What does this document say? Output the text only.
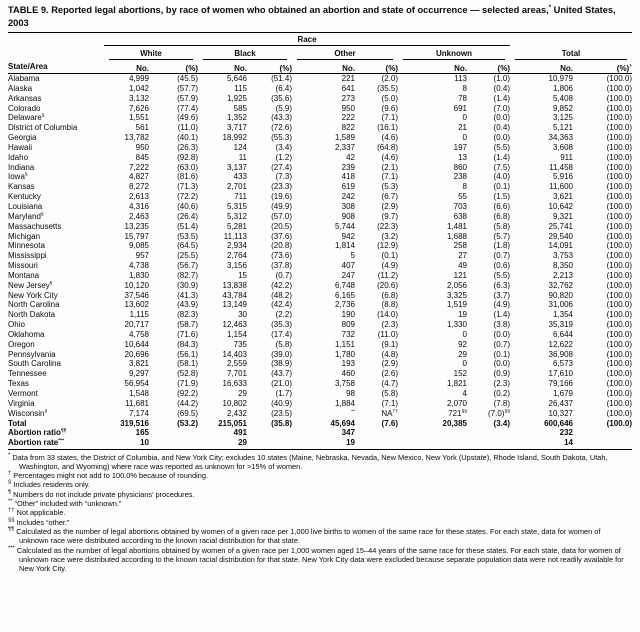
TABLE 9. Reported legal abortions, by race of women who obtained an abortion and state of occurrence — selected areas,* United States, 2003

	Race									

	White		Black		Other		Unknown		Total	

State/Area	No.	(%)	No.	(%)	No.	(%)	No.	(%)	No.	(%)†
Alabama	4,999	(45.5)	5,646	(51.4)	221	(2.0)	113	(1.0)	10,979	(100.0)
Alaska	1,042	(57.7)	115	(6.4)	641	(35.5)	8	(0.4)	1,806	(100.0)
Arkansas	3,132	(57.9)	1,925	(35.6)	273	(5.0)	78	(1.4)	5,408	(100.0)
Colorado	7,626	(77.4)	585	(5.9)	950	(9.6)	691	(7.0)	9,852	(100.0)
Delaware§	1,551	(49.6)	1,352	(43.3)	222	(7.1)	0	(0.0)	3,125	(100.0)
District of Columbia	561	(11.0)	3,717	(72.6)	822	(16.1)	21	(0.4)	5,121	(100.0)
Georgia	13,782	(40.1)	18,992	(55.3)	1,589	(4.6)	0	(0.0)	34,363	(100.0)
Hawaii	950	(26.3)	124	(3.4)	2,337	(64.8)	197	(5.5)	3,608	(100.0)
Idaho	845	(92.8)	11	(1.2)	42	(4.6)	13	(1.4)	911	(100.0)
Indiana	7,222	(63.0)	3,137	(27.4)	239	(2.1)	860	(7.5)	11,458	(100.0)
Iowa§	4,827	(81.6)	433	(7.3)	418	(7.1)	238	(4.0)	5,916	(100.0)
Kansas	8,272	(71.3)	2,701	(23.3)	619	(5.3)	8	(0.1)	11,600	(100.0)
Kentucky	2,613	(72.2)	711	(19.6)	242	(6.7)	55	(1.5)	3,621	(100.0)
Louisiana	4,316	(40.6)	5,315	(49.9)	308	(2.9)	703	(6.6)	10,642	(100.0)
Maryland§	2,463	(26.4)	5,312	(57.0)	908	(9.7)	638	(6.8)	9,321	(100.0)
Massachusetts	13,235	(51.4)	5,281	(20.5)	5,744	(22.3)	1,481	(5.8)	25,741	(100.0)
Michigan	15,797	(53.5)	11,113	(37.6)	942	(3.2)	1,688	(5.7)	29,540	(100.0)
Minnesota	9,085	(64.5)	2,934	(20.8)	1,814	(12.9)	258	(1.8)	14,091	(100.0)
Mississippi	957	(25.5)	2,764	(73.6)	5	(0.1)	27	(0.7)	3,753	(100.0)
Missouri	4,738	(56.7)	3,156	(37.8)	407	(4.9)	49	(0.6)	8,350	(100.0)
Montana	1,830	(82.7)	15	(0.7)	247	(11.2)	121	(5.5)	2,213	(100.0)
New Jersey¶	10,120	(30.9)	13,838	(42.2)	6,748	(20.6)	2,056	(6.3)	32,762	(100.0)
New York City	37,546	(41.3)	43,784	(48.2)	6,165	(6.8)	3,325	(3.7)	90,820	(100.0)
North Carolina	13,602	(43.9)	13,149	(42.4)	2,736	(8.8)	1,519	(4.9)	31,006	(100.0)
North Dakota	1,115	(82.3)	30	(2.2)	190	(14.0)	19	(1.4)	1,354	(100.0)
Ohio	20,717	(58.7)	12,463	(35.3)	809	(2.3)	1,330	(3.8)	35,319	(100.0)
Oklahoma	4,758	(71.6)	1,154	(17.4)	732	(11.0)	0	(0.0)	6,644	(100.0)
Oregon	10,644	(84.3)	735	(5.8)	1,151	(9.1)	92	(0.7)	12,622	(100.0)
Pennsylvania	20,696	(56.1)	14,403	(39.0)	1,780	(4.8)	29	(0.1)	36,908	(100.0)
South Carolina	3,821	(58.1)	2,559	(38.9)	193	(2.9)	0	(0.0)	6,573	(100.0)
Tennessee	9,297	(52.8)	7,701	(43.7)	460	(2.6)	152	(0.9)	17,610	(100.0)
Texas	56,954	(71.9)	16,633	(21.0)	3,758	(4.7)	1,821	(2.3)	79,166	(100.0)
Vermont	1,548	(92.2)	29	(1.7)	98	(5.8)	4	(0.2)	1,679	(100.0)
Virginia	11,681	(44.2)	10,802	(40.9)	1,884	(7.1)	2,070	(7.8)	26,437	(100.0)
Wisconsin§	7,174	(69.5)	2,432	(23.5)	**	NA††	721§§	(7.0)§§	10,327	(100.0)
Total	319,516	(53.2)	215,051	(35.8)	45,694	(7.6)	20,385	(3.4)	600,646	(100.0)
Abortion ratio¶¶	165		491		347				232	
Abortion rate***	10		29		19				14	
* Data from 33 states, the District of Columbia, and New York City; excludes 10 states (Maine, Nebraska, Nevada, New Mexico, New York (Upstate), Rhode Island, South Dakota, Utah, Washington, and Wyoming) where race was reported as unknown for >15% of women.
† Percentages might not add to 100.0% because of rounding.
§ Includes residents only.
¶ Numbers do not include private physicians’ procedures.
** “Other” included with “unknown.”
†† Not applicable.
§§ Includes “other.”
¶¶ Calculated as the number of legal abortions obtained by women of a given race per 1,000 live births to women of the same race for these states. For each state, data for women of unknown race were distributed according to the known racial distribution for that state.
*** Calculated as the number of legal abortions obtained by women of a given race per 1,000 women aged 15–44 years of the same race for these states. For each state, data for women of unknown race were distributed according to the known racial distribution for that state. New York City data were excluded because separate population data were not readily available for New York City.
